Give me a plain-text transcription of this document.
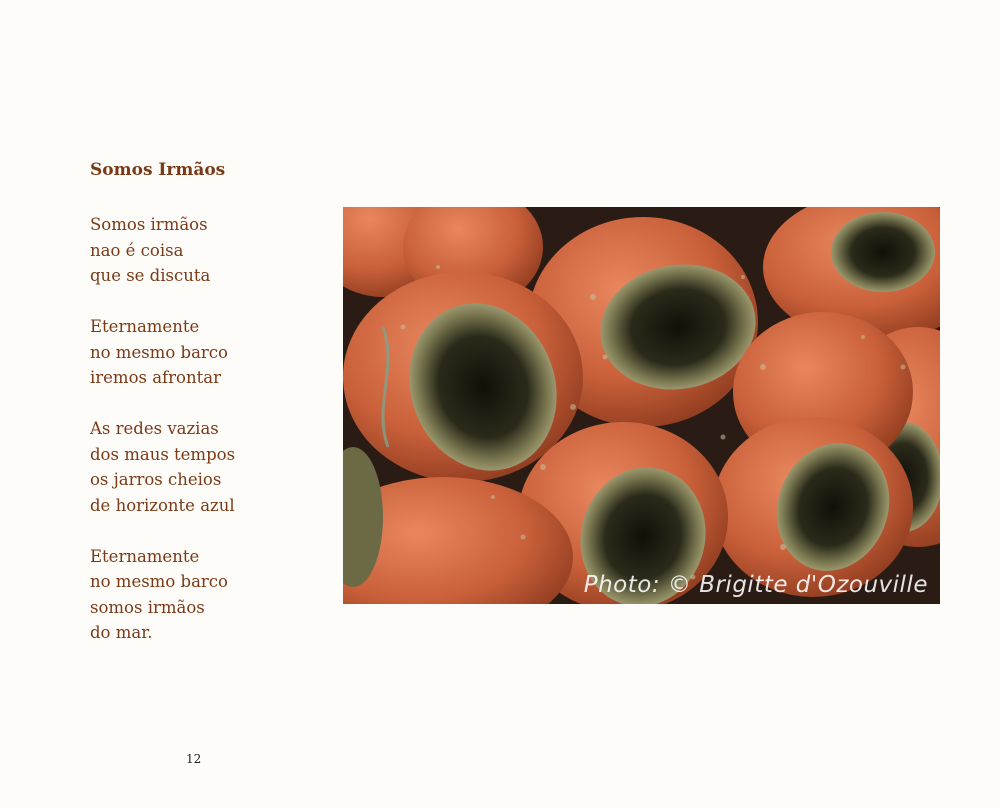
Somos Irmãos
Somos irmãos
nao é coisa
que se discuta
Eternamente
no mesmo barco
iremos afrontar
As redes vazias
dos maus tempos
os jarros cheios
de horizonte azul
Eternamente
no mesmo barco
somos irmãos
do mar.
Photo: © Brigitte d'Ozouville
12
